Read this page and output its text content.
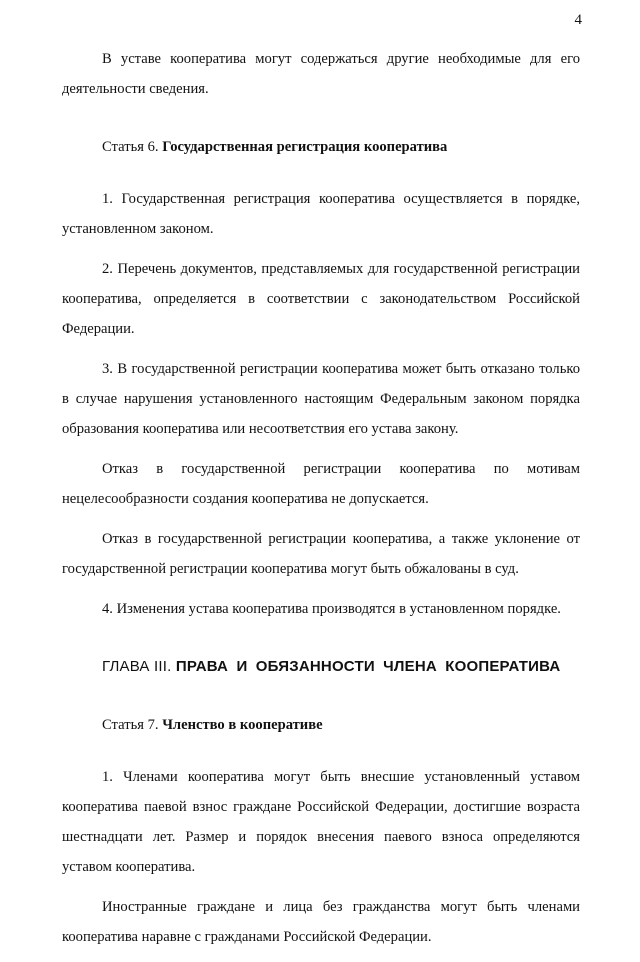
4

В уставе кооператива могут содержаться другие необходимые для его деятельности сведения.

Статья 6. Государственная регистрация кооператива

1. Государственная регистрация кооператива осуществляется в порядке, установленном законом.

2. Перечень документов, представляемых для государственной регистрации кооператива, определяется в соответствии с законодательством Российской Федерации.

3. В государственной регистрации кооператива может быть отказано только в случае нарушения установленного настоящим Федеральным законом порядка образования кооператива или несоответствия его устава закону.

Отказ в государственной регистрации кооператива по мотивам нецелесообразности создания кооператива не допускается.

Отказ в государственной регистрации кооператива, а также уклонение от государственной регистрации кооператива могут быть обжалованы в суд.

4. Изменения устава кооператива производятся в установленном порядке.

ГЛАВА III. ПРАВА И ОБЯЗАННОСТИ ЧЛЕНА КООПЕРАТИВА
Статья 7. Членство в кооперативе

1. Членами кооператива могут быть внесшие установленный уставом кооператива паевой взнос граждане Российской Федерации, достигшие возраста шестнадцати лет. Размер и порядок внесения паевого взноса определяются уставом кооператива.

Иностранные граждане и лица без гражданства могут быть членами кооператива наравне с гражданами Российской Федерации.
